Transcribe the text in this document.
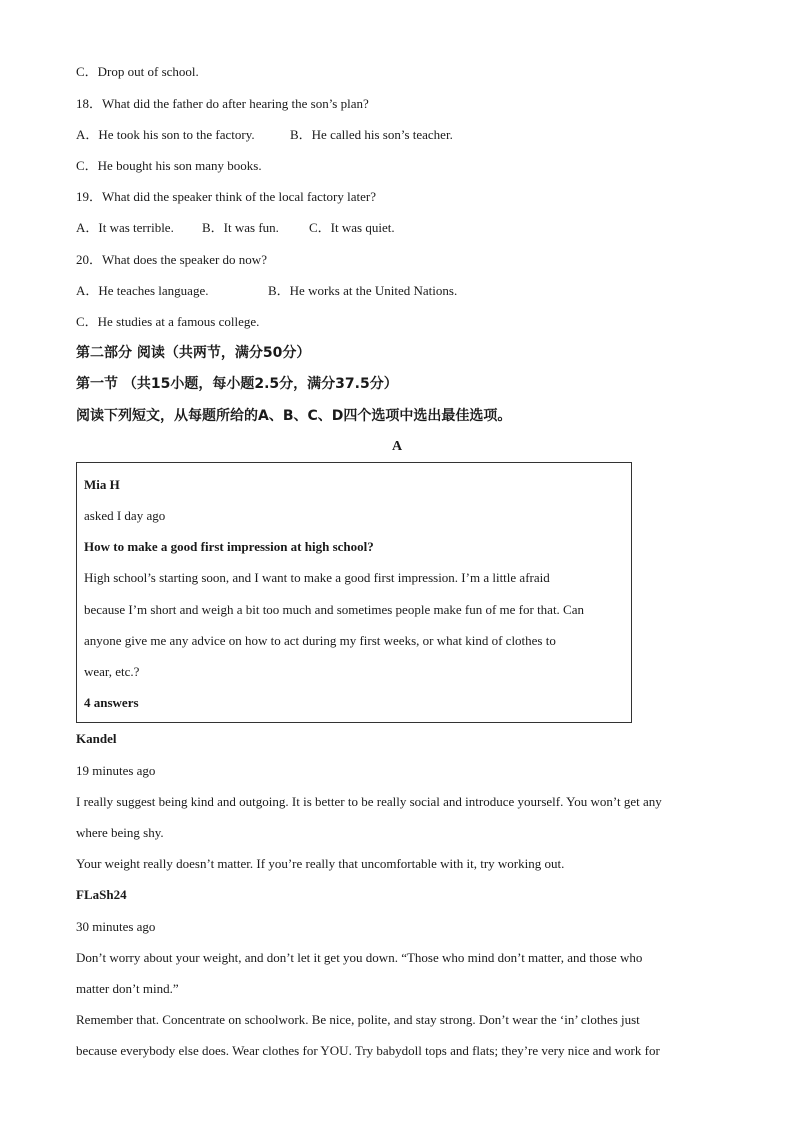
C．Drop out of school.
18．What did the father do after hearing the son’s plan?
A．He took his son to the factory.	B．He called his son’s teacher.
C．He bought his son many books.
19．What did the speaker think of the local factory later?
A．It was terrible. B．It was fun. C．It was quiet.
20．What does the speaker do now?
A．He teaches language.	B．He works at the United Nations.
C．He studies at a famous college.
第二部分 阅读（共两节，满分50分）
第一节 （共15小题，每小题2.5分，满分37.5分）
阅读下列短文，从每题所给的A、B、C、D四个选项中选出最佳选项。
A
Mia H
asked I day ago
How to make a good first impression at high school?
High school’s starting soon, and I want to make a good first impression. I’m a little afraid
because I’m short and weigh a bit too much and sometimes people make fun of me for that. Can
anyone give me any advice on how to act during my first weeks, or what kind of clothes to
wear, etc.?
4 answers
Kandel
19 minutes ago
I really suggest being kind and outgoing. It is better to be really social and introduce yourself. You won’t get any
where being shy.
Your weight really doesn’t matter. If you’re really that uncomfortable with it, try working out.
FLaSh24
30 minutes ago
Don’t worry about your weight, and don’t let it get you down. “Those who mind don’t matter, and those who
matter don’t mind.”
Remember that. Concentrate on schoolwork. Be nice, polite, and stay strong. Don’t wear the ‘in’ clothes just
because everybody else does. Wear clothes for YOU. Try babydoll tops and flats; they’re very nice and work for
